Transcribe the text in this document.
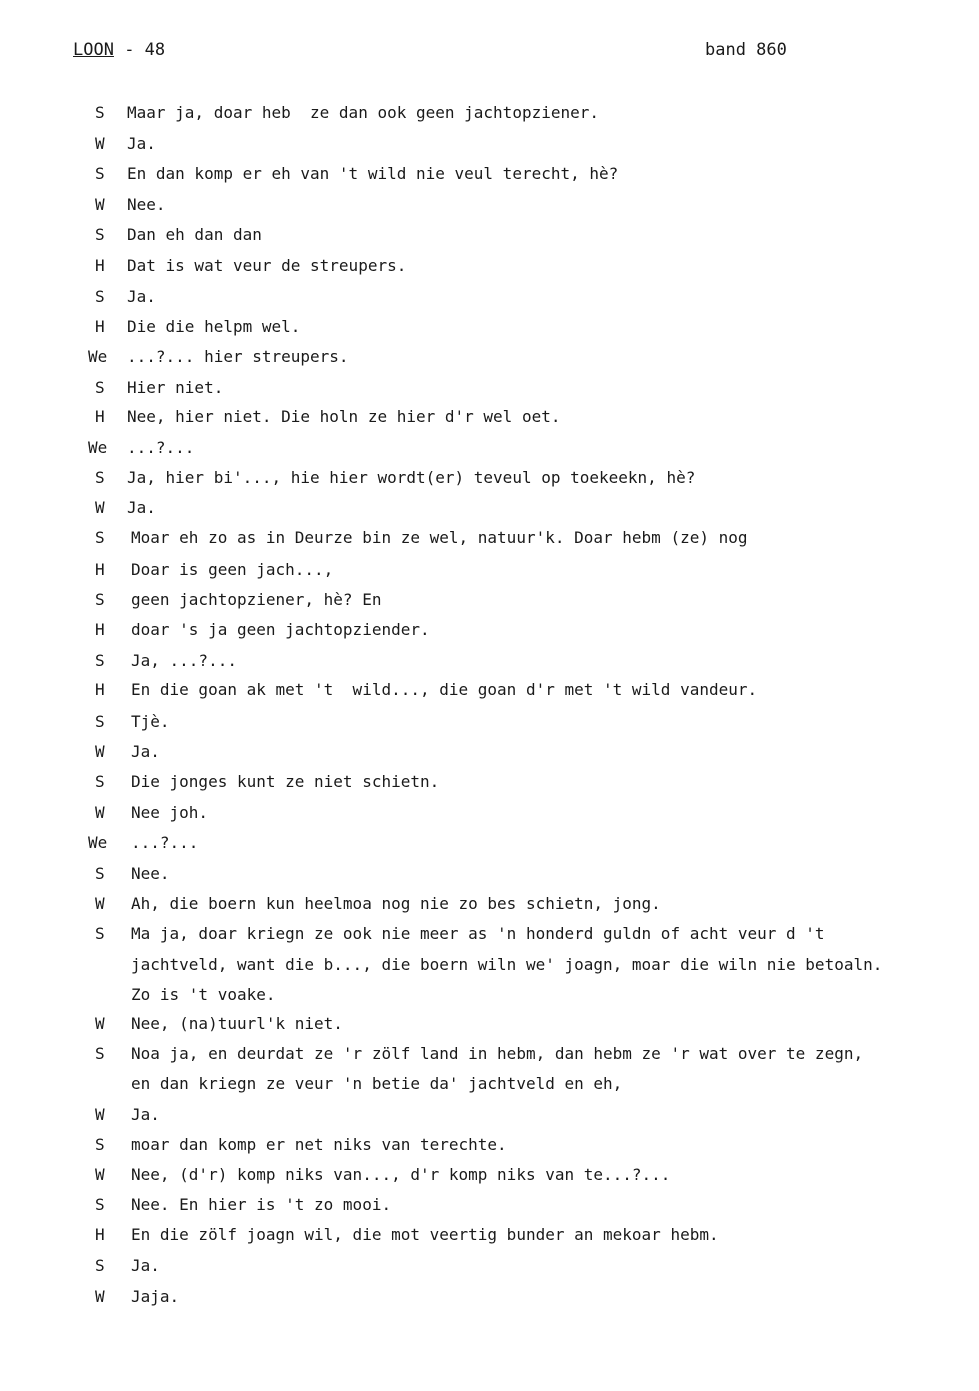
LOON - 48	band 860
S Maar ja, doar heb  ze dan ook geen jachtopziener.
W Ja.
S En dan komp er eh van 't wild nie veul terecht, hè?
W Nee.
S Dan eh dan dan
H Dat is wat veur de streupers.
S Ja.
H Die die helpm wel.
We ...?... hier streupers.
S Hier niet.
H Nee, hier niet. Die holn ze hier d'r wel oet.
We ...?...
S Ja, hier bi'..., hie hier wordt(er) teveul op toekeekn, hè?
W Ja.
S Moar eh zo as in Deurze bin ze wel, natuur'k. Doar hebm (ze) nog
H Doar is geen jach...,
S geen jachtopziener, hè? En
H doar 's ja geen jachtopziender.
S Ja, ...?...
H En die goan ak met 't  wild..., die goan d'r met 't wild vandeur.
S Tjè.
W Ja.
S Die jonges kunt ze niet schietn.
W Nee joh.
We ...?...
S Nee.
W Ah, die boern kun heelmoa nog nie zo bes schietn, jong.
S Ma ja, doar kriegn ze ook nie meer as 'n honderd guldn of acht veur d 't
jachtveld, want die b..., die boern wiln we' joagn, moar die wiln nie betoaln.
Zo is 't voake.
W Nee, (na)tuurl'k niet.
S Noa ja, en deurdat ze 'r zölf land in hebm, dan hebm ze 'r wat over te zegn,
en dan kriegn ze veur 'n betie da' jachtveld en eh,
W Ja.
S moar dan komp er net niks van terechte.
W Nee, (d'r) komp niks van..., d'r komp niks van te...?...
S Nee. En hier is 't zo mooi.
H En die zölf joagn wil, die mot veertig bunder an mekoar hebm.
S Ja.
W Jaja.
